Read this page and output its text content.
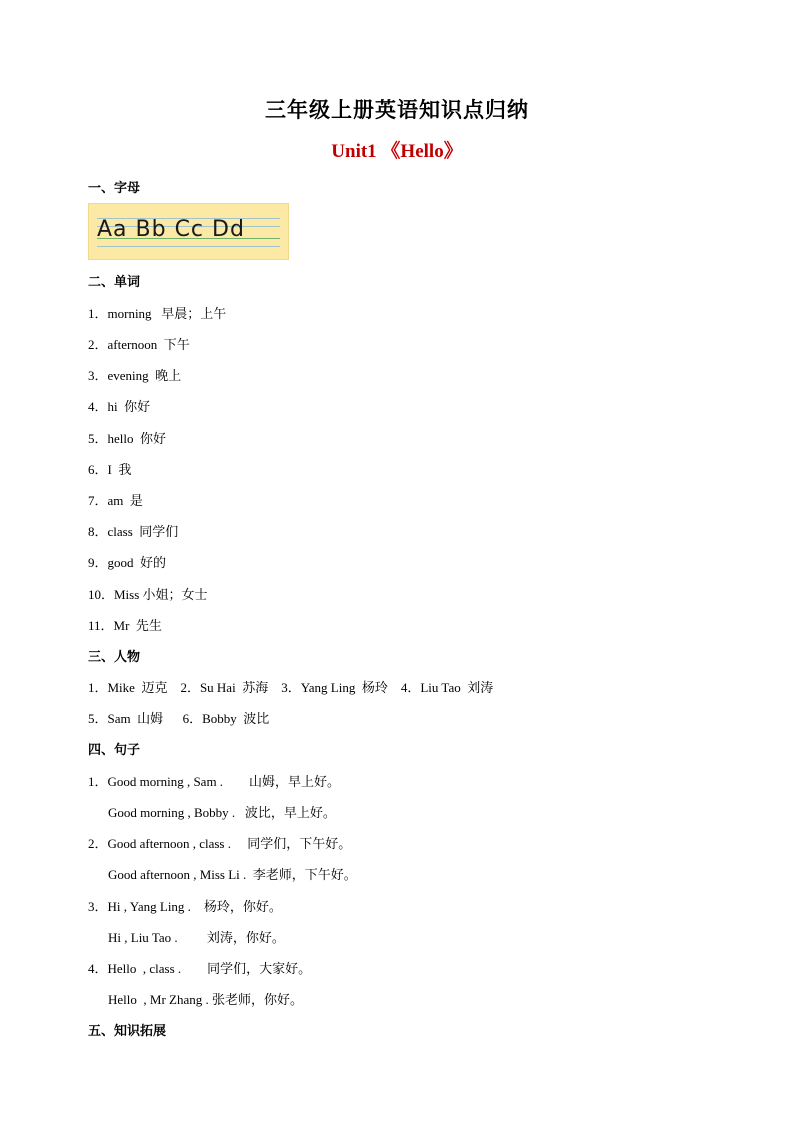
三年级上册英语知识点归纳
Unit1 《Hello》
一、字母
Aa Bb Cc Dd
二、单词
1．morning   早晨；上午
2．afternoon  下午
3．evening  晚上
4．hi  你好
5．hello  你好
6．I  我
7．am  是
8．class  同学们
9．good  好的
10．Miss 小姐；女士
11．Mr  先生
三、人物
1．Mike  迈克    2．Su Hai  苏海    3．Yang Ling  杨玲    4．Liu Tao  刘涛
5．Sam  山姆      6．Bobby  波比
四、句子
1．Good morning , Sam .        山姆，早上好。
Good morning , Bobby .   波比，早上好。
2．Good afternoon , class .     同学们，下午好。
Good afternoon , Miss Li .  李老师，下午好。
3．Hi , Yang Ling .    杨玲，你好。
Hi , Liu Tao .         刘涛，你好。
4．Hello  , class .        同学们，大家好。
Hello  , Mr Zhang . 张老师，你好。
五、知识拓展
